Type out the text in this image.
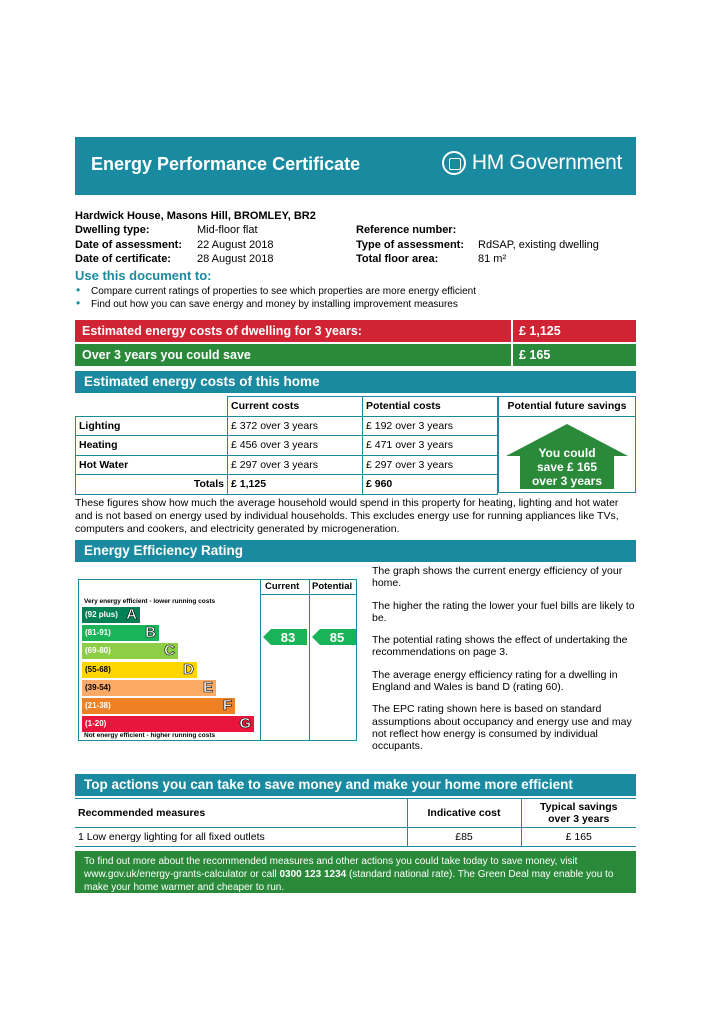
Energy Performance Certificate	HM Government
Hardwick House, Masons Hill, BROMLEY, BR2
Dwelling type:	Mid-floor flat	Reference number:
Date of assessment: 22 August 2018	Type of assessment: RdSAP, existing dwelling
Date of certificate: 28 August 2018	Total floor area:	81 m²
Use this document to:
• Compare current ratings of properties to see which properties are more energy efficient
• Find out how you can save energy and money by installing improvement measures
Estimated energy costs of dwelling for 3 years:	£ 1,125
Over 3 years you could save	£ 165
Estimated energy costs of this home
	Current costs	Potential costs
Lighting	£ 372 over 3 years	£ 192 over 3 years
Heating	£ 456 over 3 years	£ 471 over 3 years
Hot Water	£ 297 over 3 years	£ 297 over 3 years
Totals	£ 1,125	£ 960
Potential future savings
You could
save £ 165
over 3 years
These figures show how much the average household would spend in this property for heating, lighting and hot water and is not based on energy used by individual households. This excludes energy use for running appliances like TVs, computers and cookers, and electricity generated by microgeneration.
Energy Efficiency Rating
Current Potential
Very energy efficient - lower running costs
Not energy efficient - higher running costs
(92 plus) A
(81-91) B
(69-80)	C
(55-68)	D
(39-54)	E
(21-38)	F
(1-20)	G
83	85

The graph shows the current energy efficiency of your home.

The higher the rating the lower your fuel bills are likely to be.

The potential rating shows the effect of undertaking the recommendations on page 3.

The average energy efficiency rating for a dwelling in England and Wales is band D (rating 60).

The EPC rating shown here is based on standard assumptions about occupancy and energy use and may not reflect how energy is consumed by individual occupants.

Top actions you can take to save money and make your home more efficient
Recommended measures	Indicative cost	Typical savings
over 3 years

1 Low energy lighting for all fixed outlets	£85	£ 165
To find out more about the recommended measures and other actions you could take today to save money, visit www.gov.uk/energy-grants-calculator or call 0300 123 1234 (standard national rate). The Green Deal may enable you to make your home warmer and cheaper to run.
